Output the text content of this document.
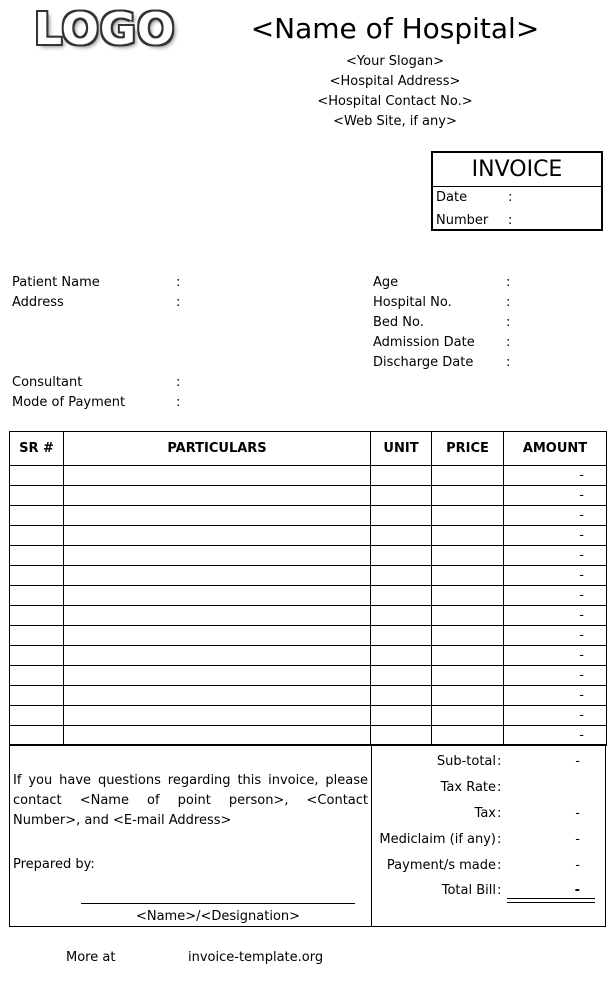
LOGO	<Name of Hospital>
<Your Slogan>
<Hospital Address>
<Hospital Contact No.>
<Web Site, if any>
INVOICE
Date	:
Number :
Patient Name	:
Address	:
Consultant	:
Mode of Payment	:
Age	:
Hospital No.	:
Bed No.	:
Admission Date :
Discharge Date	:
SR #	PARTICULARS	UNIT	PRICE	AMOUNT
				-
				-
				-
				-
				-
				-
				-
				-
				-
				-
				-
				-
				-
				-
If you have questions regarding this invoice, please contact <Name of point person>, <Contact Number>, and <E-mail Address>
Prepared by:
<Name>/<Designation>
Sub-total :	-
Tax Rate :
Tax :	-
Mediclaim (if any) :	-
Payment/s made :	-
Total Bill :	-
More at	invoice-template.org
